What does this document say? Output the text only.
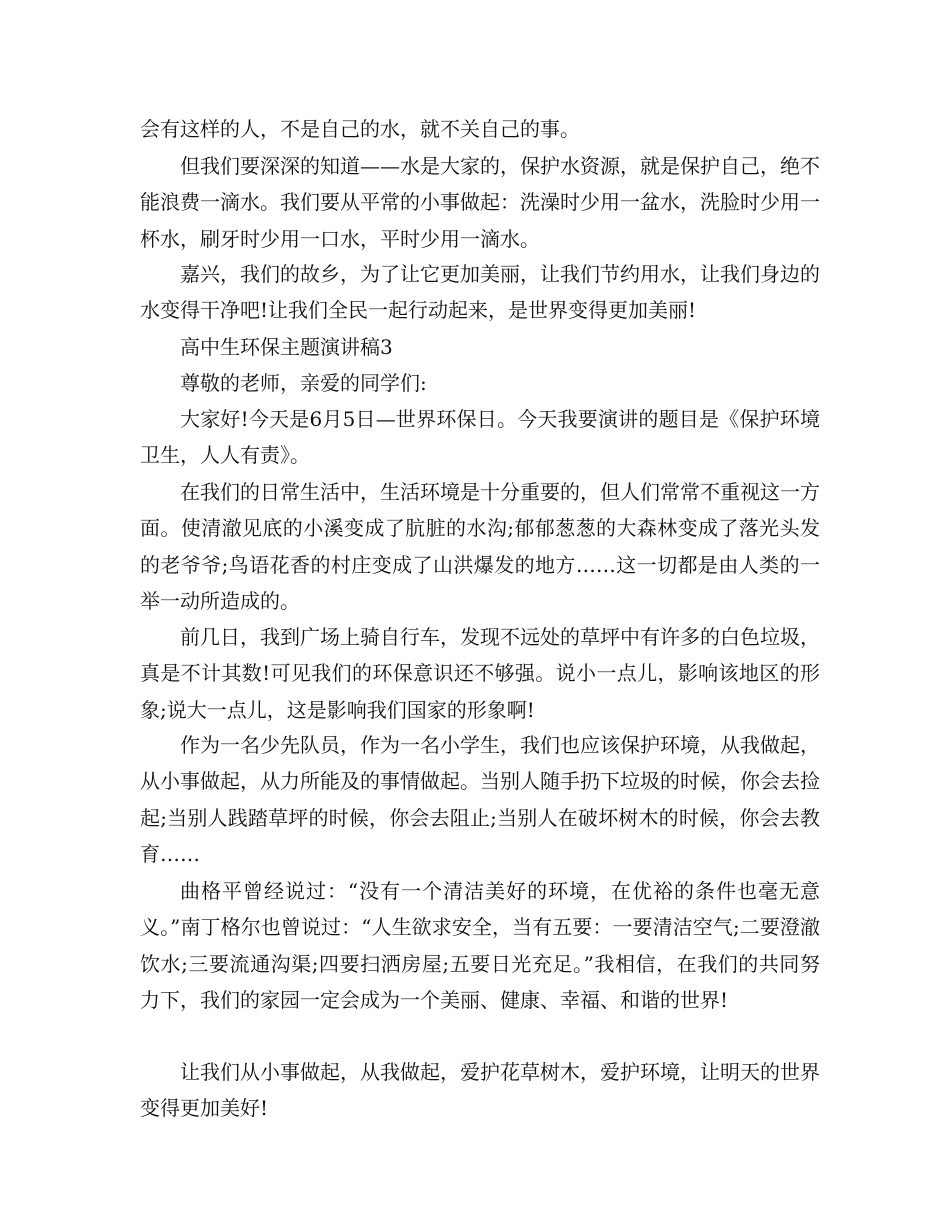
会有这样的人，不是自己的水，就不关自己的事。

但我们要深深的知道——水是大家的，保护水资源，就是保护自己，绝不能浪费一滴水。我们要从平常的小事做起：洗澡时少用一盆水，洗脸时少用一杯水，刷牙时少用一口水，平时少用一滴水。

嘉兴，我们的故乡，为了让它更加美丽，让我们节约用水，让我们身边的水变得干净吧!让我们全民一起行动起来，是世界变得更加美丽!

高中生环保主题演讲稿3

尊敬的老师，亲爱的同学们:

大家好!今天是6月5日—世界环保日。今天我要演讲的题目是《保护环境卫生，人人有责》。

在我们的日常生活中，生活环境是十分重要的，但人们常常不重视这一方面。使清澈见底的小溪变成了肮脏的水沟;郁郁葱葱的大森林变成了落光头发的老爷爷;鸟语花香的村庄变成了山洪爆发的地方……这一切都是由人类的一举一动所造成的。

前几日，我到广场上骑自行车，发现不远处的草坪中有许多的白色垃圾，真是不计其数!可见我们的环保意识还不够强。说小一点儿，影响该地区的形象;说大一点儿，这是影响我们国家的形象啊!

作为一名少先队员，作为一名小学生，我们也应该保护环境，从我做起，从小事做起，从力所能及的事情做起。当别人随手扔下垃圾的时候，你会去捡起;当别人践踏草坪的时候，你会去阻止;当别人在破坏树木的时候，你会去教育……

曲格平曾经说过：“没有一个清洁美好的环境，在优裕的条件也毫无意义。”南丁格尔也曾说过：“人生欲求安全，当有五要：一要清洁空气;二要澄澈饮水;三要流通沟渠;四要扫洒房屋;五要日光充足。”我相信，在我们的共同努力下，我们的家园一定会成为一个美丽、健康、幸福、和谐的世界!

让我们从小事做起，从我做起，爱护花草树木，爱护环境，让明天的世界变得更加美好!
